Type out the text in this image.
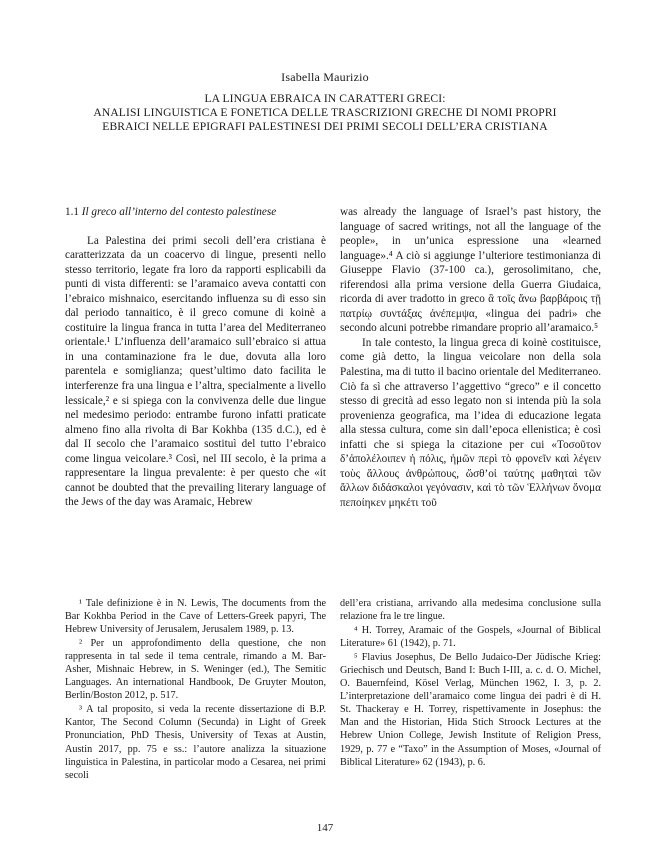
Isabella Maurizio
LA LINGUA EBRAICA IN CARATTERI GRECI:
ANALISI LINGUISTICA E FONETICA DELLE TRASCRIZIONI GRECHE DI NOMI PROPRI
EBRAICI NELLE EPIGRAFI PALESTINESI DEI PRIMI SECOLI DELL’ERA CRISTIANA
1.1 Il greco all’interno del contesto palestinese

La Palestina dei primi secoli dell’era cristiana è caratterizzata da un coacervo di lingue, presenti nello stesso territorio, legate fra loro da rapporti esplicabili da punti di vista differenti: se l’aramaico aveva contatti con l’ebraico mishnaico, esercitando influenza su di esso sin dal periodo tannaitico, è il greco comune di koinè a costituire la lingua franca in tutta l’area del Mediterraneo orientale.¹ L’influenza dell’aramaico sull’ebraico si attua in una contaminazione fra le due, dovuta alla loro parentela e somiglianza; quest’ultimo dato facilita le interferenze fra una lingua e l’altra, specialmente a livello lessicale,² e si spiega con la convivenza delle due lingue nel medesimo periodo: entrambe furono infatti praticate almeno fino alla rivolta di Bar Kokhba (135 d.C.), ed è dal II secolo che l’aramaico sostituì del tutto l’ebraico come lingua veicolare.³ Così, nel III secolo, è la prima a rappresentare la lingua prevalente: è per questo che «it cannot be doubted that the prevailing literary language of the Jews of the day was Aramaic, Hebrew

was already the language of Israel’s past history, the language of sacred writings, not all the language of the people», in un’unica espressione una «learned language».⁴ A ciò si aggiunge l’ulteriore testimonianza di Giuseppe Flavio (37-100 ca.), gerosolimitano, che, riferendosi alla prima versione della Guerra Giudaica, ricorda di aver tradotto in greco ἃ τοῖς ἄνω βαρβάροις τῇ πατρίῳ συντάξας ἀνέπεμψα, «lingua dei padri» che secondo alcuni potrebbe rimandare proprio all’aramaico.⁵

In tale contesto, la lingua greca di koinè costituisce, come già detto, la lingua veicolare non della sola Palestina, ma di tutto il bacino orientale del Mediterraneo. Ciò fa sì che attraverso l’aggettivo “greco” e il concetto stesso di grecità ad esso legato non si intenda più la sola provenienza geografica, ma l’idea di educazione legata alla stessa cultura, come sin dall’epoca ellenistica; è così infatti che si spiega la citazione per cui «Τοσοῦτον δ’ἀπολέλοιπεν ἡ πόλις, ἡμῶν περὶ τὸ φρονεῖν καὶ λέγειν τοὺς ἄλλους ἀνθρώπους, ὥσθ’οἱ ταύτης μαθηταὶ τῶν ἄλλων διδάσκαλοι γεγόνασιν, καὶ τὸ τῶν Ἑλλήνων ὄνομα πεποίηκεν μηκέτι τοῦ

¹ Tale definizione è in N. Lewis, The documents from the Bar Kokhba Period in the Cave of Letters-Greek papyri, The Hebrew University of Jerusalem, Jerusalem 1989, p. 13.

² Per un approfondimento della questione, che non rappresenta in tal sede il tema centrale, rimando a M. Bar-Asher, Mishnaic Hebrew, in S. Weninger (ed.), The Semitic Languages. An international Handbook, De Gruyter Mouton, Berlin/Boston 2012, p. 517.

³ A tal proposito, si veda la recente dissertazione di B.P. Kantor, The Second Column (Secunda) in Light of Greek Pronunciation, PhD Thesis, University of Texas at Austin, Austin 2017, pp. 75 e ss.: l’autore analizza la situazione linguistica in Palestina, in particolar modo a Cesarea, nei primi secoli

dell’era cristiana, arrivando alla medesima conclusione sulla relazione fra le tre lingue.

⁴ H. Torrey, Aramaic of the Gospels, «Journal of Biblical Literature» 61 (1942), p. 71.

⁵ Flavius Josephus, De Bello Judaico-Der Jüdische Krieg: Griechisch und Deutsch, Band I: Buch I-III, a. c. d. O. Michel, O. Bauernfeind, Kösel Verlag, München 1962, I. 3, p. 2. L’interpretazione dell’aramaico come lingua dei padri è di H. St. Thackeray e H. Torrey, rispettivamente in Josephus: the Man and the Historian, Hida Stich Stroock Lectures at the Hebrew Union College, Jewish Institute of Religion Press, 1929, p. 77 e “Taxo” in the Assumption of Moses, «Journal of Biblical Literature» 62 (1943), p. 6.

147
